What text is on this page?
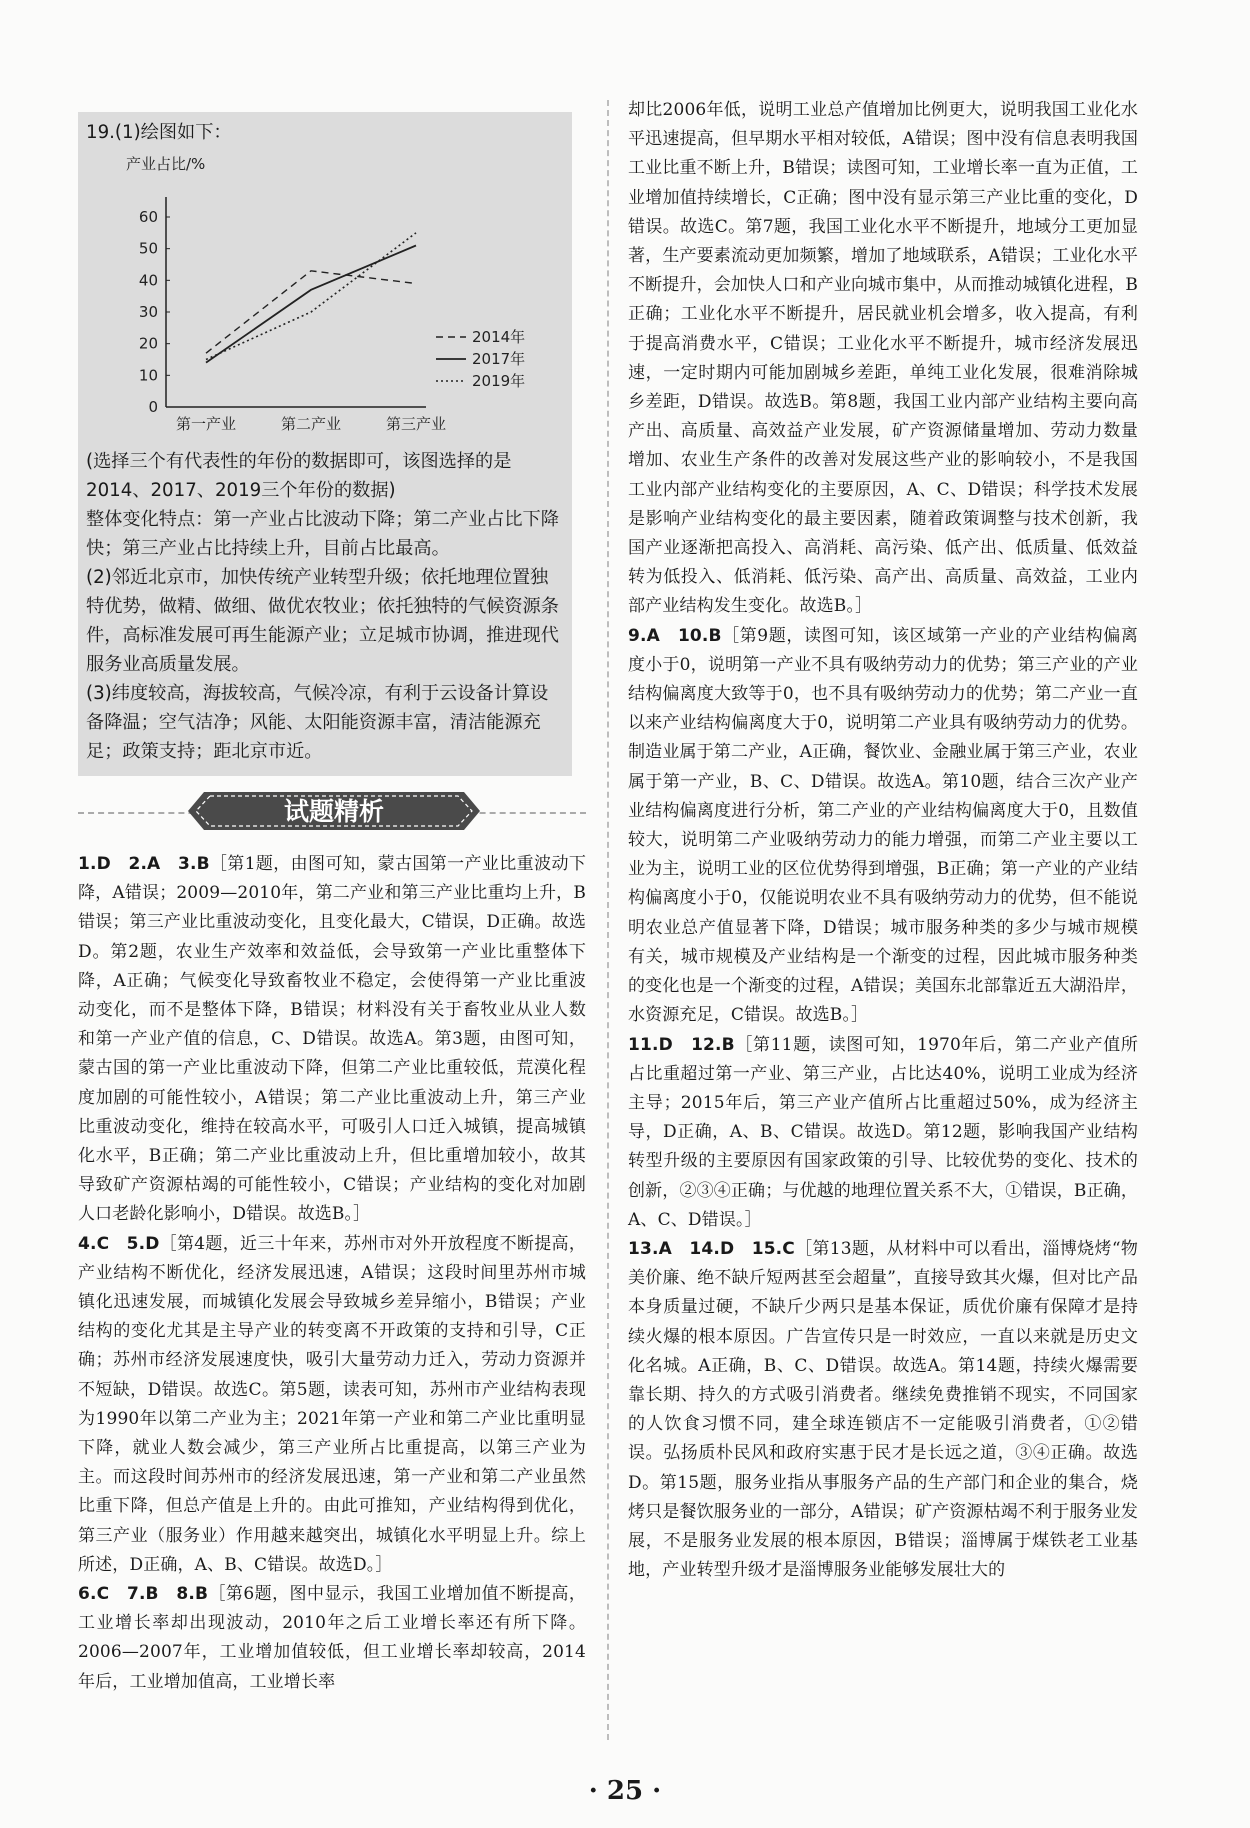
19.(1)绘图如下：

产业占比/%
0
10
20
30
40
50
60
第一产业	第二产业	第三产业
2014年
2017年
2019年

(选择三个有代表性的年份的数据即可，该图选择的是2014、2017、2019三个年份的数据)

整体变化特点：第一产业占比波动下降；第二产业占比下降快；第三产业占比持续上升，目前占比最高。

(2)邻近北京市，加快传统产业转型升级；依托地理位置独特优势，做精、做细、做优农牧业；依托独特的气候资源条件，高标准发展可再生能源产业；立足城市协调，推进现代服务业高质量发展。

(3)纬度较高，海拔较高，气候冷凉，有利于云设备计算设备降温；空气洁净；风能、太阳能资源丰富，清洁能源充足；政策支持；距北京市近。

试题精析

1.D　2.A　3.B［第1题，由图可知，蒙古国第一产业比重波动下降，A错误；2009—2010年，第二产业和第三产业比重均上升，B错误；第三产业比重波动变化，且变化最大，C错误，D正确。故选D。第2题，农业生产效率和效益低，会导致第一产业比重整体下降，A正确；气候变化导致畜牧业不稳定，会使得第一产业比重波动变化，而不是整体下降，B错误；材料没有关于畜牧业从业人数和第一产业产值的信息，C、D错误。故选A。第3题，由图可知，蒙古国的第一产业比重波动下降，但第二产业比重较低，荒漠化程度加剧的可能性较小，A错误；第二产业比重波动上升，第三产业比重波动变化，维持在较高水平，可吸引人口迁入城镇，提高城镇化水平，B正确；第二产业比重波动上升，但比重增加较小，故其导致矿产资源枯竭的可能性较小，C错误；产业结构的变化对加剧人口老龄化影响小，D错误。故选B。］

4.C　5.D［第4题，近三十年来，苏州市对外开放程度不断提高，产业结构不断优化，经济发展迅速，A错误；这段时间里苏州市城镇化迅速发展，而城镇化发展会导致城乡差异缩小，B错误；产业结构的变化尤其是主导产业的转变离不开政策的支持和引导，C正确；苏州市经济发展速度快，吸引大量劳动力迁入，劳动力资源并不短缺，D错误。故选C。第5题，读表可知，苏州市产业结构表现为1990年以第二产业为主；2021年第一产业和第二产业比重明显下降，就业人数会减少，第三产业所占比重提高，以第三产业为主。而这段时间苏州市的经济发展迅速，第一产业和第二产业虽然比重下降，但总产值是上升的。由此可推知，产业结构得到优化，第三产业（服务业）作用越来越突出，城镇化水平明显上升。综上所述，D正确，A、B、C错误。故选D。］

6.C　7.B　8.B［第6题，图中显示，我国工业增加值不断提高，工业增长率却出现波动，2010年之后工业增长率还有所下降。2006—2007年，工业增加值较低，但工业增长率却较高，2014年后，工业增加值高，工业增长率

却比2006年低，说明工业总产值增加比例更大，说明我国工业化水平迅速提高，但早期水平相对较低，A错误；图中没有信息表明我国工业比重不断上升，B错误；读图可知，工业增长率一直为正值，工业增加值持续增长，C正确；图中没有显示第三产业比重的变化，D错误。故选C。第7题，我国工业化水平不断提升，地域分工更加显著，生产要素流动更加频繁，增加了地域联系，A错误；工业化水平不断提升，会加快人口和产业向城市集中，从而推动城镇化进程，B正确；工业化水平不断提升，居民就业机会增多，收入提高，有利于提高消费水平，C错误；工业化水平不断提升，城市经济发展迅速，一定时期内可能加剧城乡差距，单纯工业化发展，很难消除城乡差距，D错误。故选B。第8题，我国工业内部产业结构主要向高产出、高质量、高效益产业发展，矿产资源储量增加、劳动力数量增加、农业生产条件的改善对发展这些产业的影响较小，不是我国工业内部产业结构变化的主要原因，A、C、D错误；科学技术发展是影响产业结构变化的最主要因素，随着政策调整与技术创新，我国产业逐渐把高投入、高消耗、高污染、低产出、低质量、低效益转为低投入、低消耗、低污染、高产出、高质量、高效益，工业内部产业结构发生变化。故选B。］

9.A　10.B［第9题，读图可知，该区域第一产业的产业结构偏离度小于0，说明第一产业不具有吸纳劳动力的优势；第三产业的产业结构偏离度大致等于0，也不具有吸纳劳动力的优势；第二产业一直以来产业结构偏离度大于0，说明第二产业具有吸纳劳动力的优势。制造业属于第二产业，A正确，餐饮业、金融业属于第三产业，农业属于第一产业，B、C、D错误。故选A。第10题，结合三次产业产业结构偏离度进行分析，第二产业的产业结构偏离度大于0，且数值较大，说明第二产业吸纳劳动力的能力增强，而第二产业主要以工业为主，说明工业的区位优势得到增强，B正确；第一产业的产业结构偏离度小于0，仅能说明农业不具有吸纳劳动力的优势，但不能说明农业总产值显著下降，D错误；城市服务种类的多少与城市规模有关，城市规模及产业结构是一个渐变的过程，因此城市服务种类的变化也是一个渐变的过程，A错误；美国东北部靠近五大湖沿岸，水资源充足，C错误。故选B。］

11.D　12.B［第11题，读图可知，1970年后，第二产业产值所占比重超过第一产业、第三产业，占比达40%，说明工业成为经济主导；2015年后，第三产业产值所占比重超过50%，成为经济主导，D正确，A、B、C错误。故选D。第12题，影响我国产业结构转型升级的主要原因有国家政策的引导、比较优势的变化、技术的创新，②③④正确；与优越的地理位置关系不大，①错误，B正确，A、C、D错误。］

13.A　14.D　15.C［第13题，从材料中可以看出，淄博烧烤“物美价廉、绝不缺斤短两甚至会超量”，直接导致其火爆，但对比产品本身质量过硬，不缺斤少两只是基本保证，质优价廉有保障才是持续火爆的根本原因。广告宣传只是一时效应，一直以来就是历史文化名城。A正确，B、C、D错误。故选A。第14题，持续火爆需要靠长期、持久的方式吸引消费者。继续免费推销不现实，不同国家的人饮食习惯不同，建全球连锁店不一定能吸引消费者，①②错误。弘扬质朴民风和政府实惠于民才是长远之道，③④正确。故选D。第15题，服务业指从事服务产品的生产部门和企业的集合，烧烤只是餐饮服务业的一部分，A错误；矿产资源枯竭不利于服务业发展，不是服务业发展的根本原因，B错误；淄博属于煤铁老工业基地，产业转型升级才是淄博服务业能够发展壮大的

· 25 ·
